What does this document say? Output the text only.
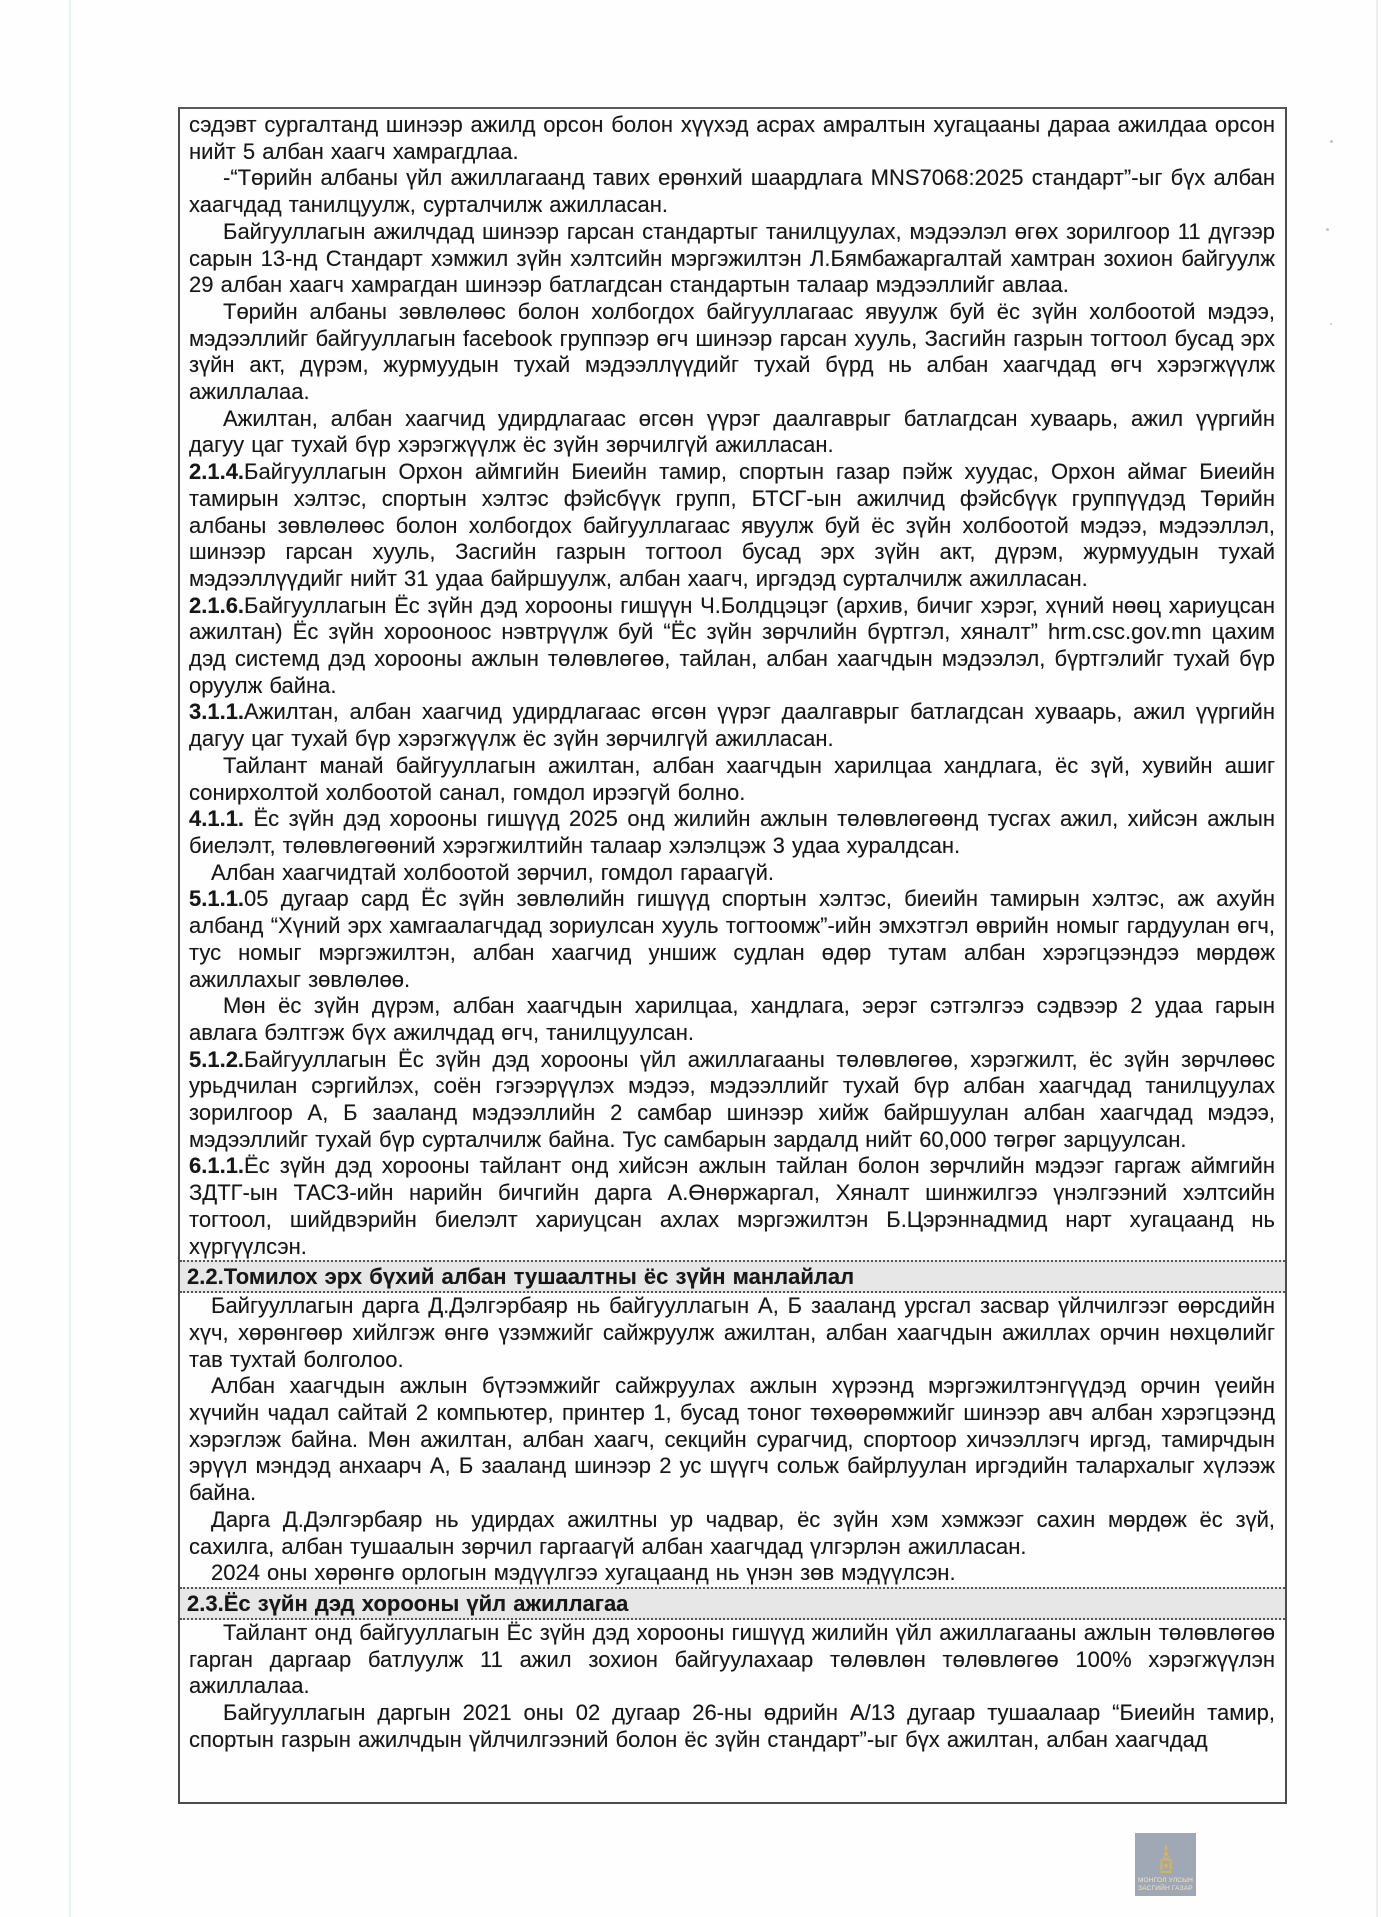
сэдэвт сургалтанд шинээр ажилд орсон болон хүүхэд асрах амралтын хугацааны дараа ажилдаа орсон нийт 5 албан хаагч хамрагдлаа.

-“Төрийн албаны үйл ажиллагаанд тавих ерөнхий шаардлага MNS7068:2025 стандарт”-ыг бүх албан хаагчдад танилцуулж, сурталчилж ажилласан.

Байгууллагын ажилчдад шинээр гарсан стандартыг танилцуулах, мэдээлэл өгөх зорилгоор 11 дүгээр сарын 13-нд Стандарт хэмжил зүйн хэлтсийн мэргэжилтэн Л.Бямбажаргалтай хамтран зохион байгуулж 29 албан хаагч хамрагдан шинээр батлагдсан стандартын талаар мэдээллийг авлаа.

Төрийн албаны зөвлөлөөс болон холбогдох байгууллагаас явуулж буй ёс зүйн холбоотой мэдээ, мэдээллийг байгууллагын facebook группээр өгч шинээр гарсан хууль, Засгийн газрын тогтоол бусад эрх зүйн акт, дүрэм, журмуудын тухай мэдээллүүдийг тухай бүрд нь албан хаагчдад өгч хэрэгжүүлж ажиллалаа.

Ажилтан, албан хаагчид удирдлагаас өгсөн үүрэг даалгаврыг батлагдсан хуваарь, ажил үүргийн дагуу цаг тухай бүр хэрэгжүүлж ёс зүйн зөрчилгүй ажилласан.

2.1.4.Байгууллагын Орхон аймгийн Биеийн тамир, спортын газар пэйж хуудас, Орхон аймаг Биеийн тамирын хэлтэс, спортын хэлтэс фэйсбүүк групп, БТСГ-ын ажилчид фэйсбүүк группүүдэд Төрийн албаны зөвлөлөөс болон холбогдох байгууллагаас явуулж буй ёс зүйн холбоотой мэдээ, мэдээллэл, шинээр гарсан хууль, Засгийн газрын тогтоол бусад эрх зүйн акт, дүрэм, журмуудын тухай мэдээллүүдийг нийт 31 удаа байршуулж, албан хаагч, иргэдэд сурталчилж ажилласан.

2.1.6.Байгууллагын Ёс зүйн дэд хорооны гишүүн Ч.Болдцэцэг (архив, бичиг хэрэг, хүний нөөц хариуцсан ажилтан) Ёс зүйн хорооноос нэвтрүүлж буй “Ёс зүйн зөрчлийн бүртгэл, хяналт” hrm.csc.gov.mn цахим дэд системд дэд хорооны ажлын төлөвлөгөө, тайлан, албан хаагчдын мэдээлэл, бүртгэлийг тухай бүр оруулж байна.

3.1.1.Ажилтан, албан хаагчид удирдлагаас өгсөн үүрэг даалгаврыг батлагдсан хуваарь, ажил үүргийн дагуу цаг тухай бүр хэрэгжүүлж ёс зүйн зөрчилгүй ажилласан.

Тайлант манай байгууллагын ажилтан, албан хаагчдын харилцаа хандлага, ёс зүй, хувийн ашиг сонирхолтой холбоотой санал, гомдол ирээгүй болно.

4.1.1. Ёс зүйн дэд хорооны гишүүд 2025 онд жилийн ажлын төлөвлөгөөнд тусгах ажил, хийсэн ажлын биелэлт, төлөвлөгөөний хэрэгжилтийн талаар хэлэлцэж 3 удаа хуралдсан.

Албан хаагчидтай холбоотой зөрчил, гомдол гараагүй.

5.1.1.05 дугаар сард Ёс зүйн зөвлөлийн гишүүд спортын хэлтэс, биеийн тамирын хэлтэс, аж ахуйн албанд “Хүний эрх хамгаалагчдад зориулсан хууль тогтоомж”-ийн эмхэтгэл өврийн номыг гардуулан өгч, тус номыг мэргэжилтэн, албан хаагчид уншиж судлан өдөр тутам албан хэрэгцээндээ мөрдөж ажиллахыг зөвлөлөө.

Мөн ёс зүйн дүрэм, албан хаагчдын харилцаа, хандлага, эерэг сэтгэлгээ сэдвээр 2 удаа гарын авлага бэлтгэж бүх ажилчдад өгч, танилцуулсан.

5.1.2.Байгууллагын Ёс зүйн дэд хорооны үйл ажиллагааны төлөвлөгөө, хэрэгжилт, ёс зүйн зөрчлөөс урьдчилан сэргийлэх, соён гэгээрүүлэх мэдээ, мэдээллийг тухай бүр албан хаагчдад танилцуулах зорилгоор А, Б зааланд мэдээллийн 2 самбар шинээр хийж байршуулан албан хаагчдад мэдээ, мэдээллийг тухай бүр сурталчилж байна. Тус самбарын зардалд нийт 60,000 төгрөг зарцуулсан.

6.1.1.Ёс зүйн дэд хорооны тайлант онд хийсэн ажлын тайлан болон зөрчлийн мэдээг гаргаж аймгийн ЗДТГ-ын ТАСЗ-ийн нарийн бичгийн дарга А.Өнөржаргал, Хяналт шинжилгээ үнэлгээний хэлтсийн тогтоол, шийдвэрийн биелэлт хариуцсан ахлах мэргэжилтэн Б.Цэрэннадмид нарт хугацаанд нь хүргүүлсэн.

2.2.Томилох эрх бүхий албан тушаалтны ёс зүйн манлайлал

Байгууллагын дарга Д.Дэлгэрбаяр нь байгууллагын А, Б зааланд урсгал засвар үйлчилгээг өөрсдийн хүч, хөрөнгөөр хийлгэж өнгө үзэмжийг сайжруулж ажилтан, албан хаагчдын ажиллах орчин нөхцөлийг тав тухтай болголоо.

Албан хаагчдын ажлын бүтээмжийг сайжруулах ажлын хүрээнд мэргэжилтэнгүүдэд орчин үеийн хүчийн чадал сайтай 2 компьютер, принтер 1, бусад тоног төхөөрөмжийг шинээр авч албан хэрэгцээнд хэрэглэж байна. Мөн ажилтан, албан хаагч, секцийн сурагчид, спортоор хичээллэгч иргэд, тамирчдын эрүүл мэндэд анхаарч А, Б зааланд шинээр 2 ус шүүгч сольж байрлуулан иргэдийн талархалыг хүлээж байна.

Дарга Д.Дэлгэрбаяр нь удирдах ажилтны ур чадвар, ёс зүйн хэм хэмжээг сахин мөрдөж ёс зүй, сахилга, албан тушаалын зөрчил гаргаагүй албан хаагчдад үлгэрлэн ажилласан.

2024 оны хөрөнгө орлогын мэдүүлгээ хугацаанд нь үнэн зөв мэдүүлсэн.

2.3.Ёс зүйн дэд хорооны үйл ажиллагаа

Тайлант онд байгууллагын Ёс зүйн дэд хорооны гишүүд жилийн үйл ажиллагааны ажлын төлөвлөгөө гарган даргаар батлуулж 11 ажил зохион байгуулахаар төлөвлөн төлөвлөгөө 100% хэрэгжүүлэн ажиллалаа.

Байгууллагын даргын 2021 оны 02 дугаар 26-ны өдрийн А/13 дугаар тушаалаар “Биеийн тамир, спортын газрын ажилчдын үйлчилгээний болон ёс зүйн стандарт”-ыг бүх ажилтан, албан хаагчдад

МОНГОЛ УЛСЫН
ЗАСГИЙН ГАЗАР
